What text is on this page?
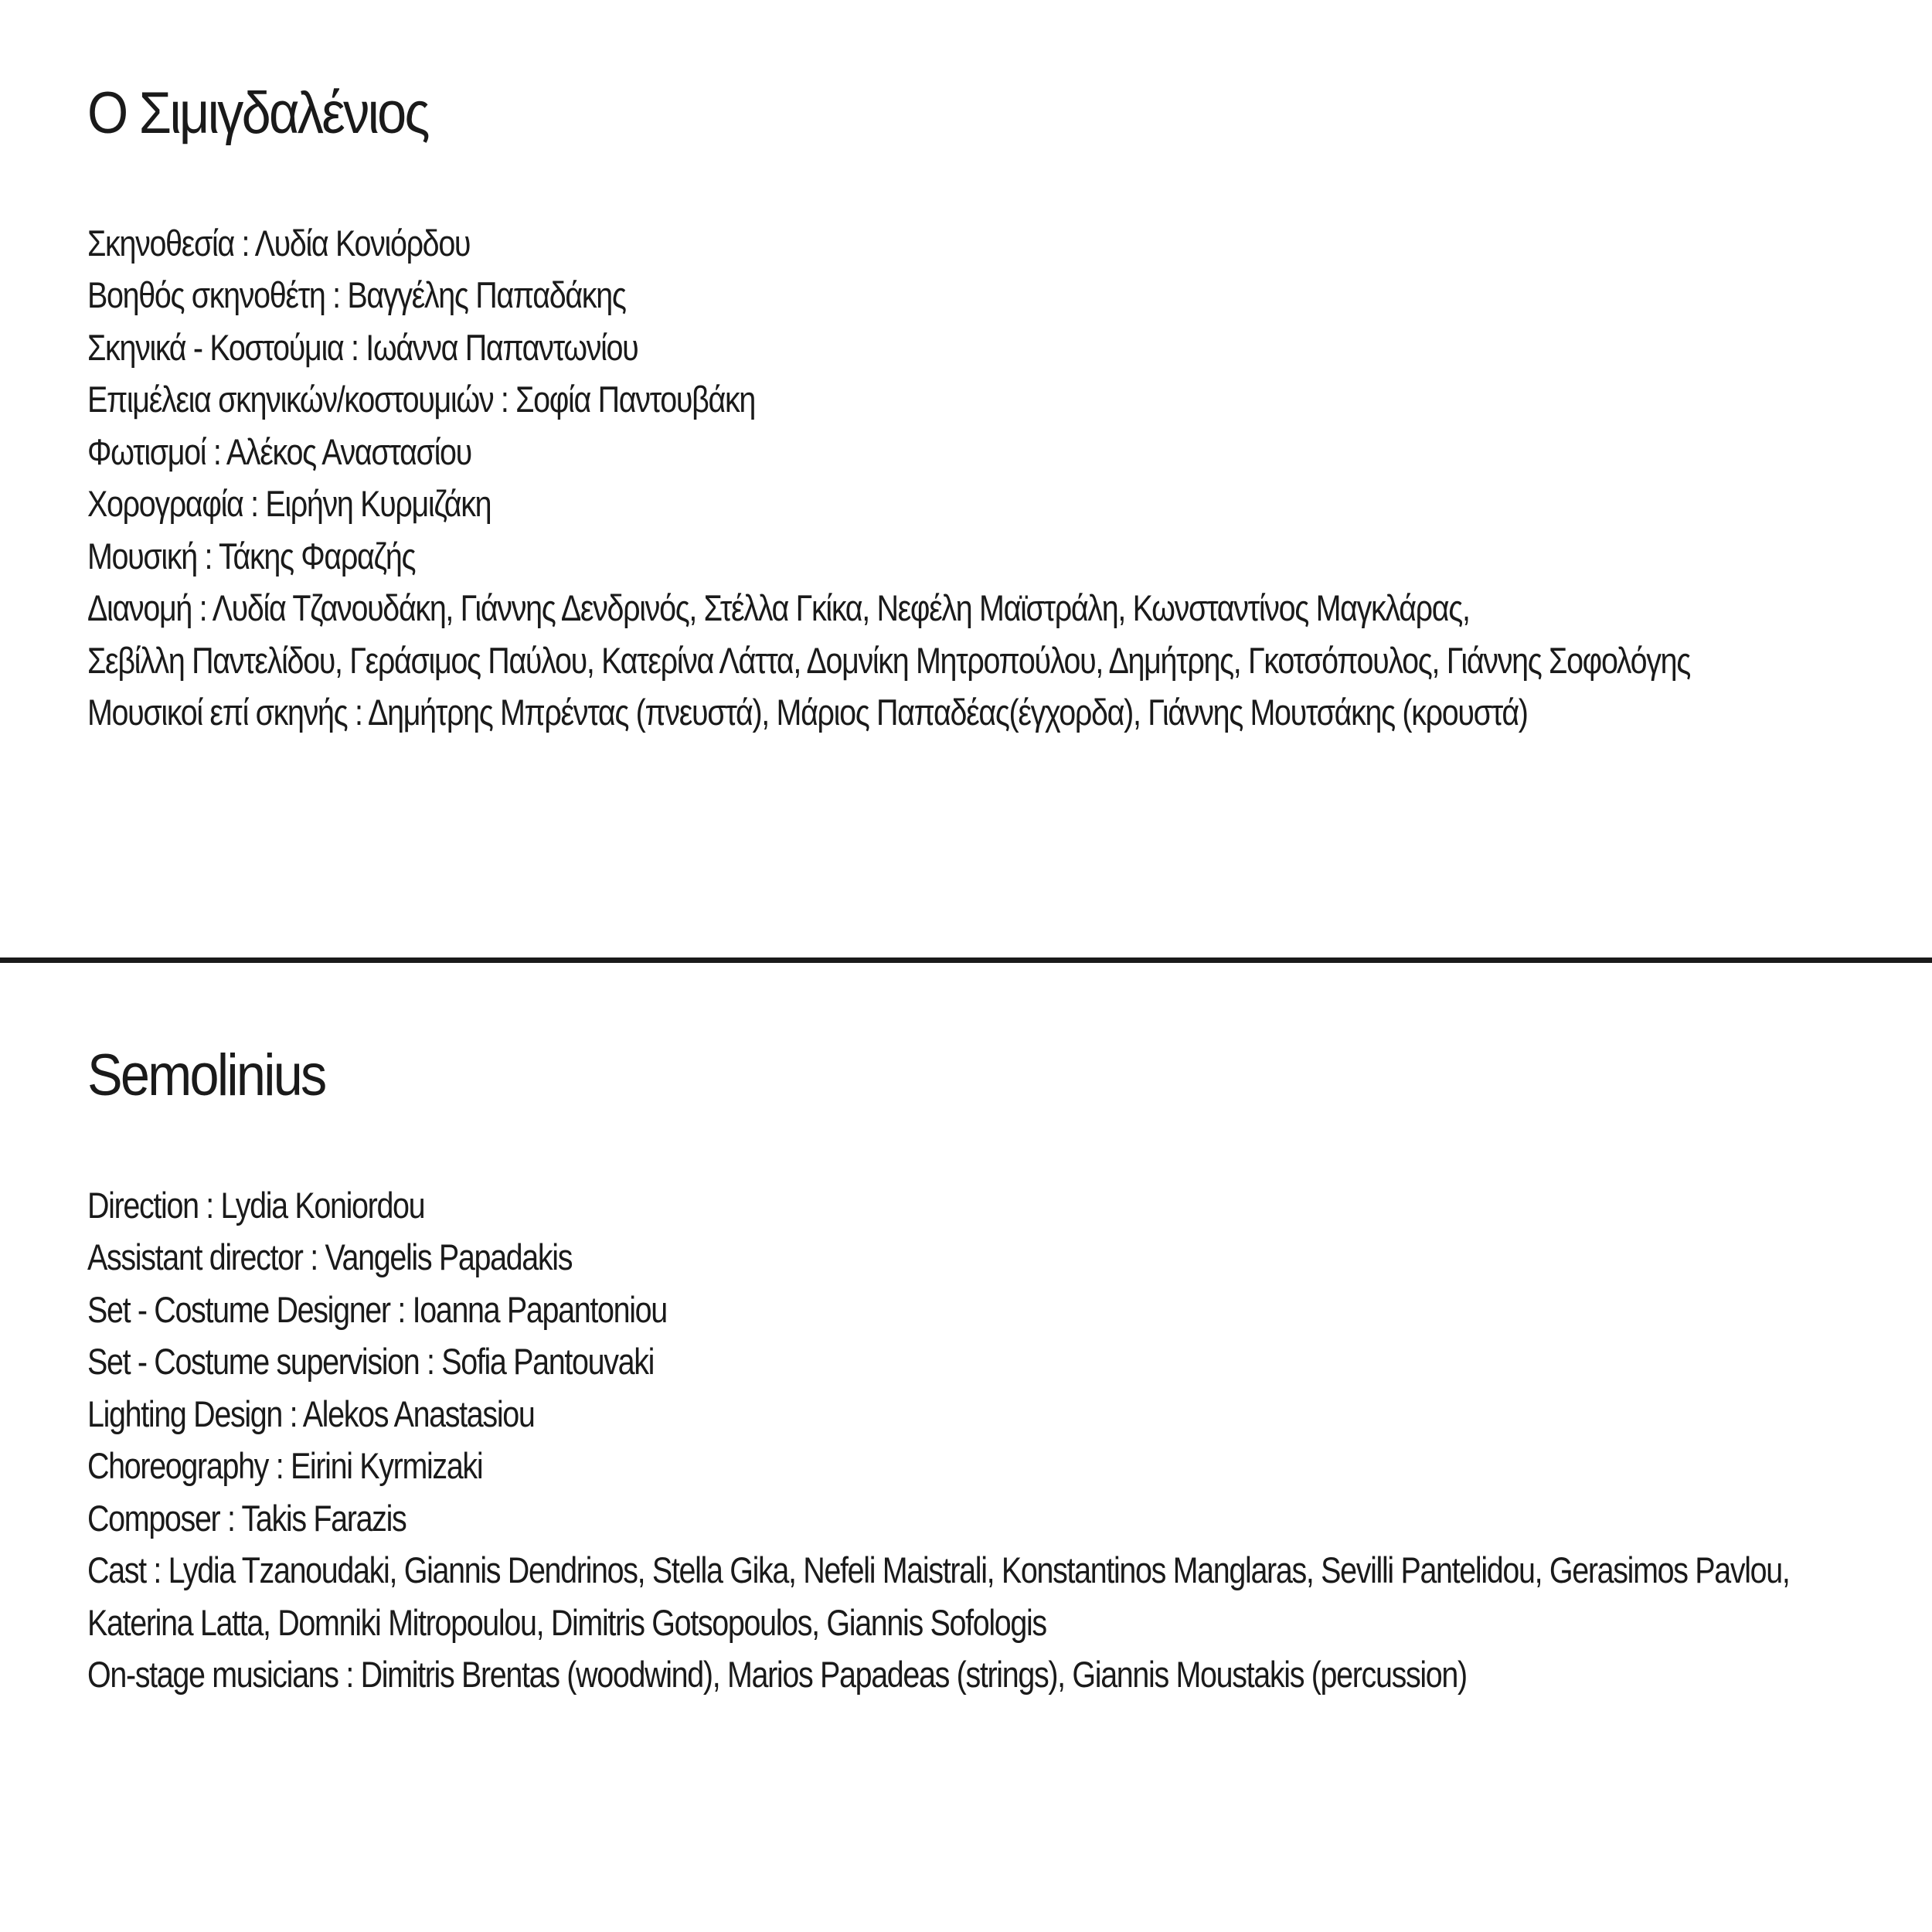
Ο Σιμιγδαλένιος
Σκηνοθεσία : Λυδία Κονιόρδου
Βοηθός σκηνοθέτη : Βαγγέλης Παπαδάκης
Σκηνικά - Κοστούμια : Ιωάννα Παπαντωνίου
Επιμέλεια σκηνικών/κοστουμιών : Σοφία Παντουβάκη
Φωτισμοί : Αλέκος Αναστασίου
Χορογραφία : Ειρήνη Κυρμιζάκη
Μουσική : Τάκης Φαραζής
Διανομή : Λυδία Τζανουδάκη, Γιάννης Δενδρινός, Στέλλα Γκίκα, Νεφέλη Μαϊστράλη, Κωνσταντίνος Μαγκλάρας,
Σεβίλλη Παντελίδου, Γεράσιμος Παύλου, Κατερίνα Λάττα, Δομνίκη Μητροπούλου, Δημήτρης, Γκοτσόπουλος, Γιάννης Σοφολόγης
Μουσικοί επί σκηνής : Δημήτρης Μπρέντας (πνευστά), Μάριος Παπαδέας(έγχορδα), Γιάννης Μουτσάκης (κρουστά)
Semolinius
Direction : Lydia Koniordou
Assistant director : Vangelis Papadakis
Set - Costume Designer : Ioanna Papantoniou
Set - Costume supervision : Sofia Pantouvaki
Lighting Design : Alekos Anastasiou
Choreography : Eirini Kyrmizaki
Composer : Takis Farazis
Cast : Lydia Tzanoudaki, Giannis Dendrinos, Stella Gika, Nefeli Maistrali, Konstantinos Manglaras, Sevilli Pantelidou, Gerasimos Pavlou,
Katerina Latta, Domniki Mitropoulou, Dimitris Gotsopoulos, Giannis Sofologis
On-stage musicians : Dimitris Brentas (woodwind), Marios Papadeas (strings), Giannis Moustakis (percussion)
